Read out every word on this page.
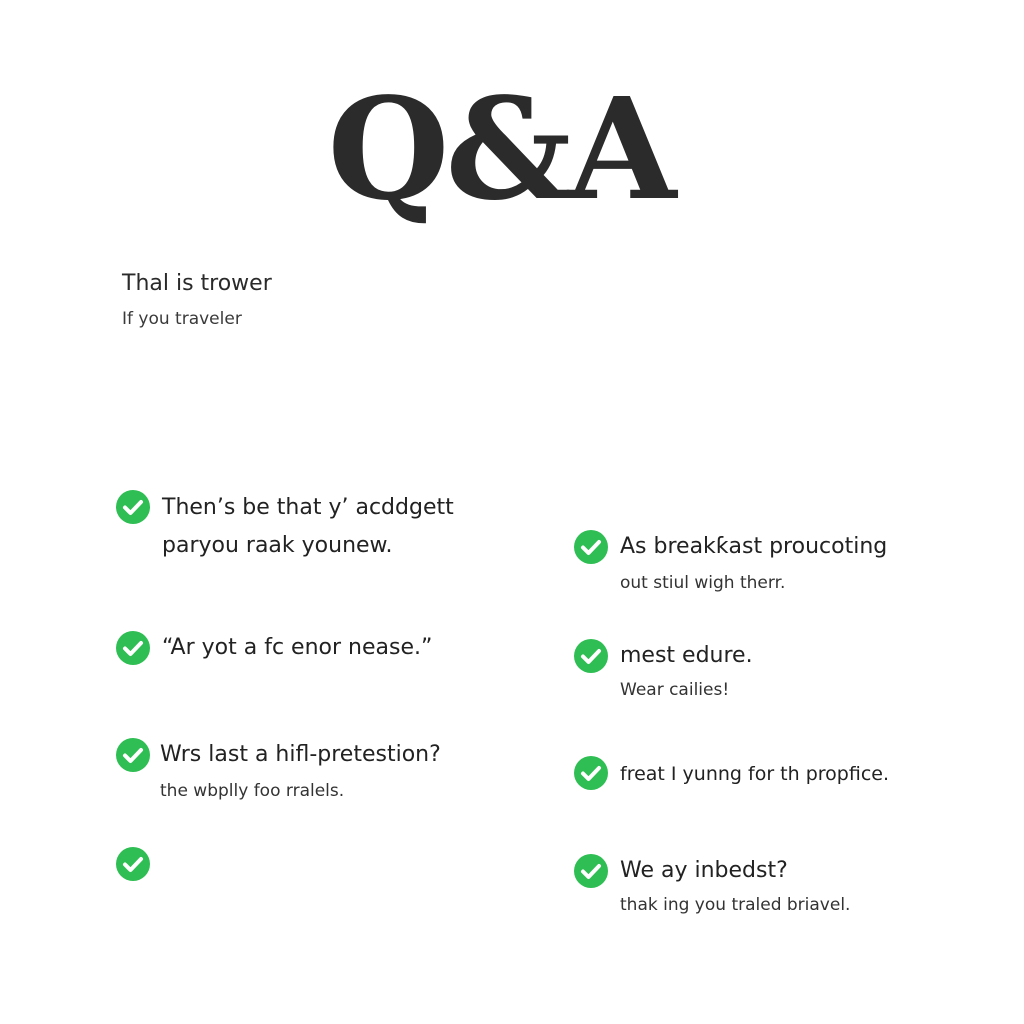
Q&A
Thal is trower
If you traveler
Then’s be that y’ acddgett
paryou raak younew.
“Ar yot a fc enor nease.”
Wrs last a hifl-pretestion?
the wbplly foo rralels.
As breakƙast proucoting
out stiul wigh therr.
mest edure.
Wear cailies!
freat I yunng for th propfice.
We ay inbedst?
thak ing you traled briavel.
